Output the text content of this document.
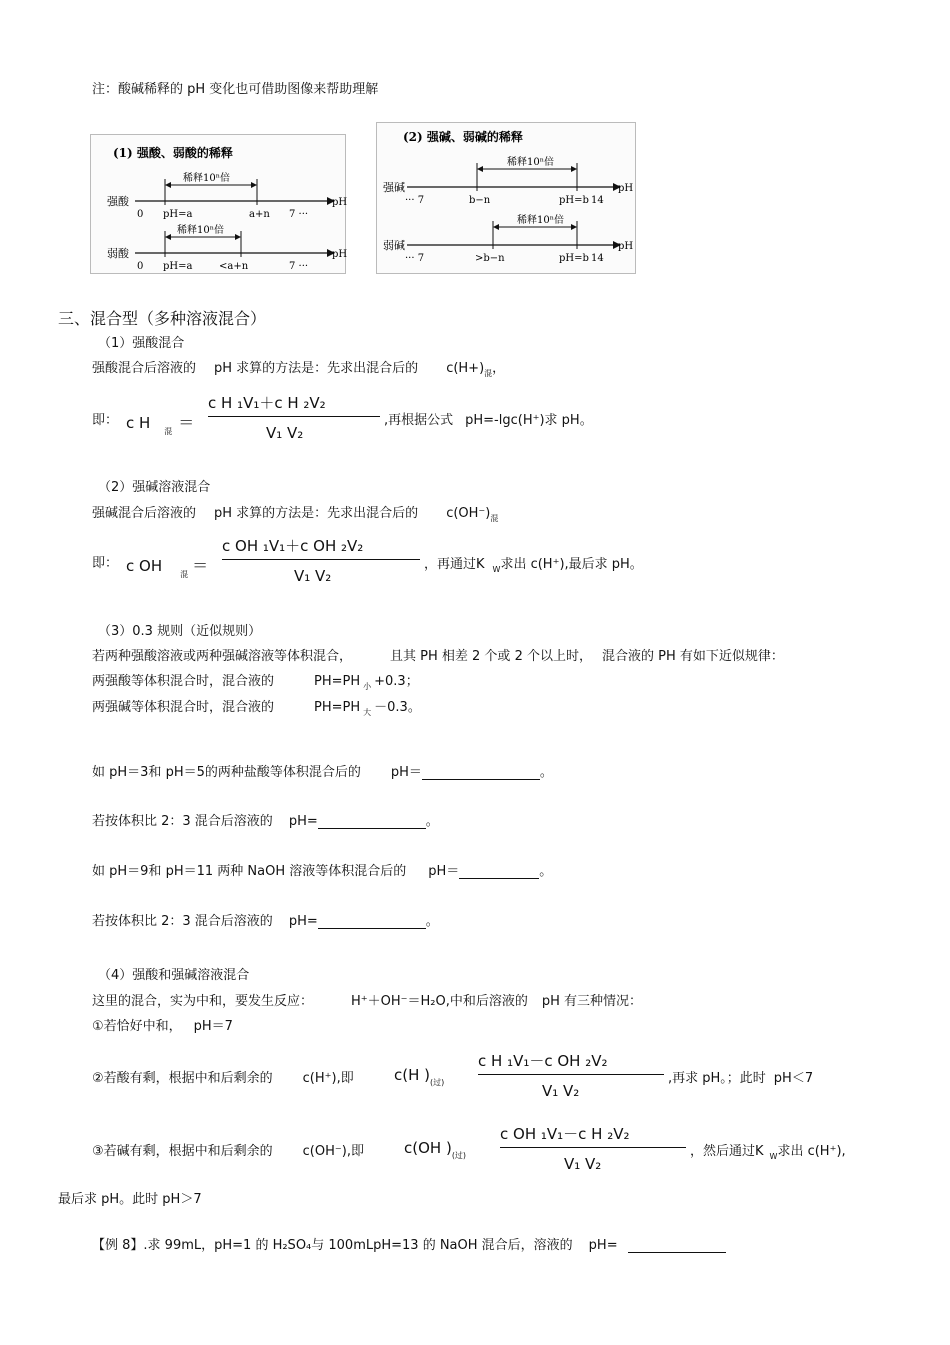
注：酸碱稀释的 pH 变化也可借助图像来帮助理解
(1) 强酸、弱酸的稀释
强酸	pH
稀释10ⁿ倍
0 pH=a	a+n 7 ···
弱酸	pH
稀释10ⁿ倍
0 pH=a	<a+n	7 ···
(2) 强碱、弱碱的稀释
强碱	pH
稀释10ⁿ倍
··· 7	b−n	pH=b 14
弱碱	pH
稀释10ⁿ倍
··· 7	>b−n	pH=b 14
三、混合型（多种溶液混合）
（1）强酸混合
强酸混合后溶液的 pH 求算的方法是：先求出混合后的 $c(H+)_混$，
即： c H $_混$ ＝
c H ₁V₁＋c H ₂V₂
V₁ V₂
,再根据公式 pH=-lgc(H⁺)求 pH。
（2）强碱溶液混合
强碱混合后溶液的 pH 求算的方法是：先求出混合后的 $c(OH^-)_混$
即： c OH $_混$ ＝
c OH ₁V₁＋c OH ₂V₂
V₁ V₂
，再通过K $_W$求出 c(H⁺),最后求 pH。
（3）0.3 规则（近似规则）
若两种强酸溶液或两种强碱溶液等体积混合，	且其 PH 相差 2 个或 2 个以上时， 混合液的 PH 有如下近似规律：
两强酸等体积混合时，混合液的	PH=PH $_小$ +0.3；
两强碱等体积混合时，混合液的	PH=PH $_大$ －0.3。
如 pH＝3和 pH＝5的两种盐酸等体积混合后的 pH＝	。
若按体积比 2：3 混合后溶液的 pH=	。
如 pH＝9和 pH＝11 两种 NaOH 溶液等体积混合后的 pH＝	。
若按体积比 2：3 混合后溶液的 pH=	。
（4）强酸和强碱溶液混合
这里的混合，实为中和，要发生反应：	H⁺＋OH⁻＝H₂O,中和后溶液的 pH 有三种情况：
①若恰好中和， pH＝7
②若酸有剩，根据中和后剩余的 c(H⁺),即	c(H )$_{(过)}$
c H ₁V₁－c OH ₂V₂
V₁ V₂
,再求 pH。；此时 pH＜7
③若碱有剩，根据中和后剩余的 c(OH⁻),即	c(OH )$_{(过)}$
c OH ₁V₁－c H ₂V₂
V₁ V₂
，然后通过K $_W$求出 c(H⁺),
最后求 pH。此时 pH＞7
【例 8】.求 99mL，pH=1 的 H₂SO₄与 100mLpH=13 的 NaOH 混合后，溶液的 pH=
